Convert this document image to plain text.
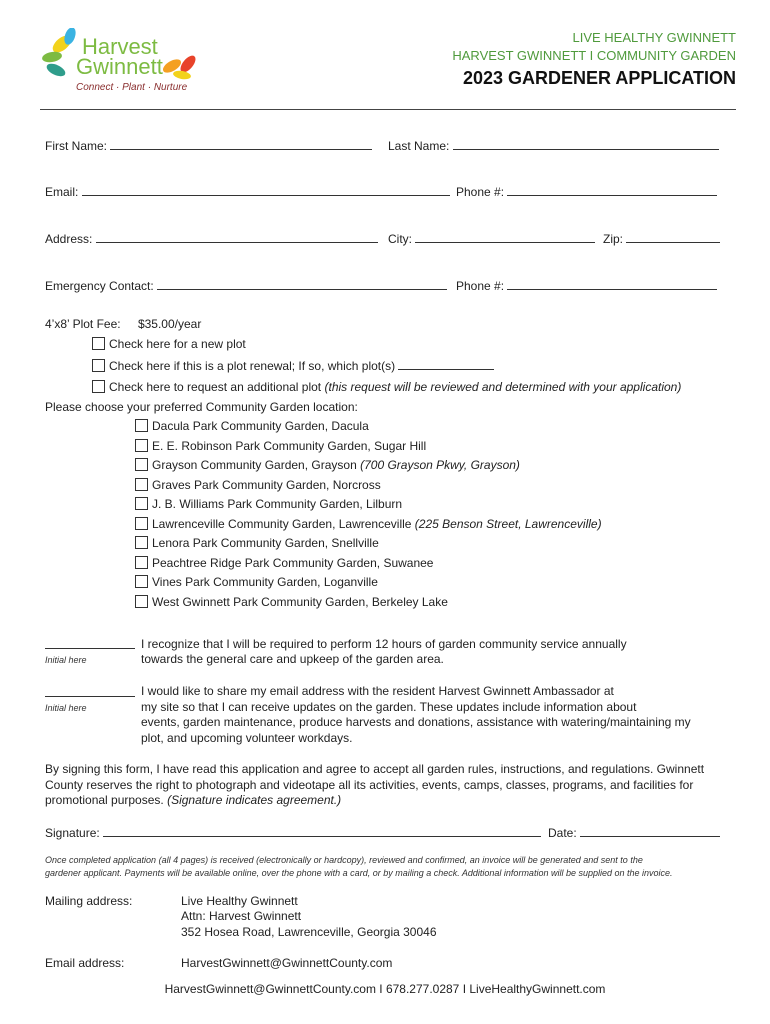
Harvest
Gwinnett
Connect · Plant · Nurture
LIVE HEALTHY GWINNETT
HARVEST GWINNETT I COMMUNITY GARDEN
2023 GARDENER APPLICATION
First Name:	Last Name:
Email:	Phone #:
Address:	City:	Zip:
Emergency Contact:	Phone #:
4’x8’ Plot Fee: $35.00/year
Check here for a new plot
Check here if this is a plot renewal; If so, which plot(s)
Check here to request an additional plot (this request will be reviewed and determined with your application)
Please choose your preferred Community Garden location:
Dacula Park Community Garden, Dacula
E. E. Robinson Park Community Garden, Sugar Hill
Grayson Community Garden, Grayson (700 Grayson Pkwy, Grayson)
Graves Park Community Garden, Norcross
J. B. Williams Park Community Garden, Lilburn
Lawrenceville Community Garden, Lawrenceville (225 Benson Street, Lawrenceville)
Lenora Park Community Garden, Snellville
Peachtree Ridge Park Community Garden, Suwanee
Vines Park Community Garden, Loganville
West Gwinnett Park Community Garden, Berkeley Lake
Initial here
I recognize that I will be required to perform 12 hours of garden community service annually
towards the general care and upkeep of the garden area.
Initial here
I would like to share my email address with the resident Harvest Gwinnett Ambassador at
my site so that I can receive updates on the garden. These updates include information about
events, garden maintenance, produce harvests and donations, assistance with watering/maintaining my
plot, and upcoming volunteer workdays.
By signing this form, I have read this application and agree to accept all garden rules, instructions, and regulations. Gwinnett
County reserves the right to photograph and videotape all its activities, events, camps, classes, programs, and facilities for
promotional purposes. (Signature indicates agreement.)
Signature:	Date:
Once completed application (all 4 pages) is received (electronically or hardcopy), reviewed and confirmed, an invoice will be generated and sent to the
gardener applicant. Payments will be available online, over the phone with a card, or by mailing a check. Additional information will be supplied on the invoice.
Mailing address:	Live Healthy Gwinnett
Attn: Harvest Gwinnett
352 Hosea Road, Lawrenceville, Georgia 30046
Email address:	HarvestGwinnett@GwinnettCounty.com
HarvestGwinnett@GwinnettCounty.com I 678.277.0287 I LiveHealthyGwinnett.com
